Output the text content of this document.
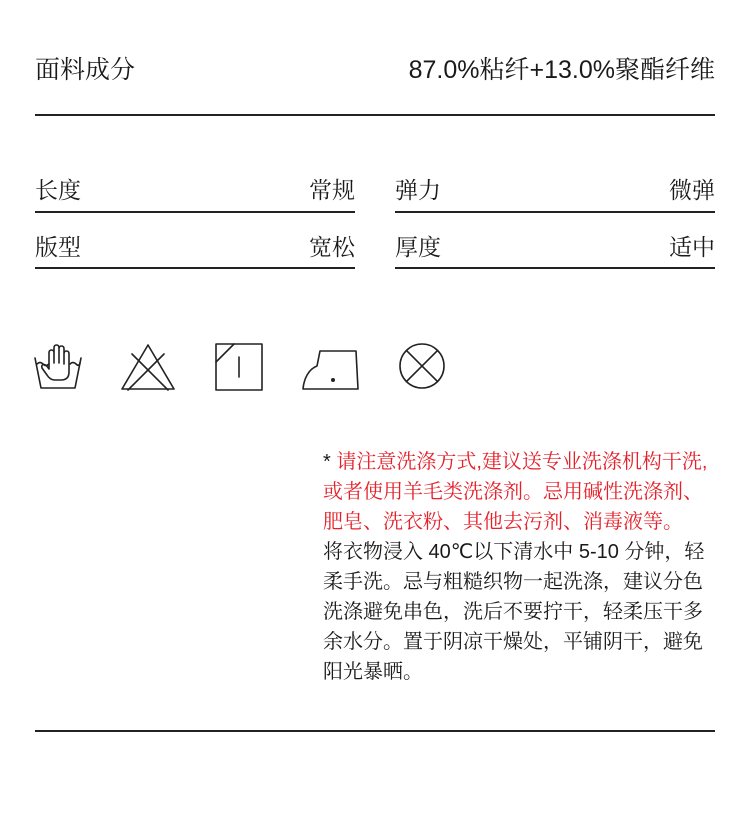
面料成分	87.0%粘纤+13.0%聚酯纤维
长度	常规 弹力	微弹
版型	宽松 厚度	适中
* 请注意洗涤方式,建议送专业洗涤机构干洗,
或者使用羊毛类洗涤剂。忌用碱性洗涤剂、
肥皂、洗衣粉、其他去污剂、消毒液等。
将衣物浸入 40℃以下清水中 5-10 分钟，轻
柔手洗。忌与粗糙织物一起洗涤，建议分色
洗涤避免串色，洗后不要拧干，轻柔压干多
余水分。置于阴凉干燥处，平铺阴干，避免
阳光暴晒。
